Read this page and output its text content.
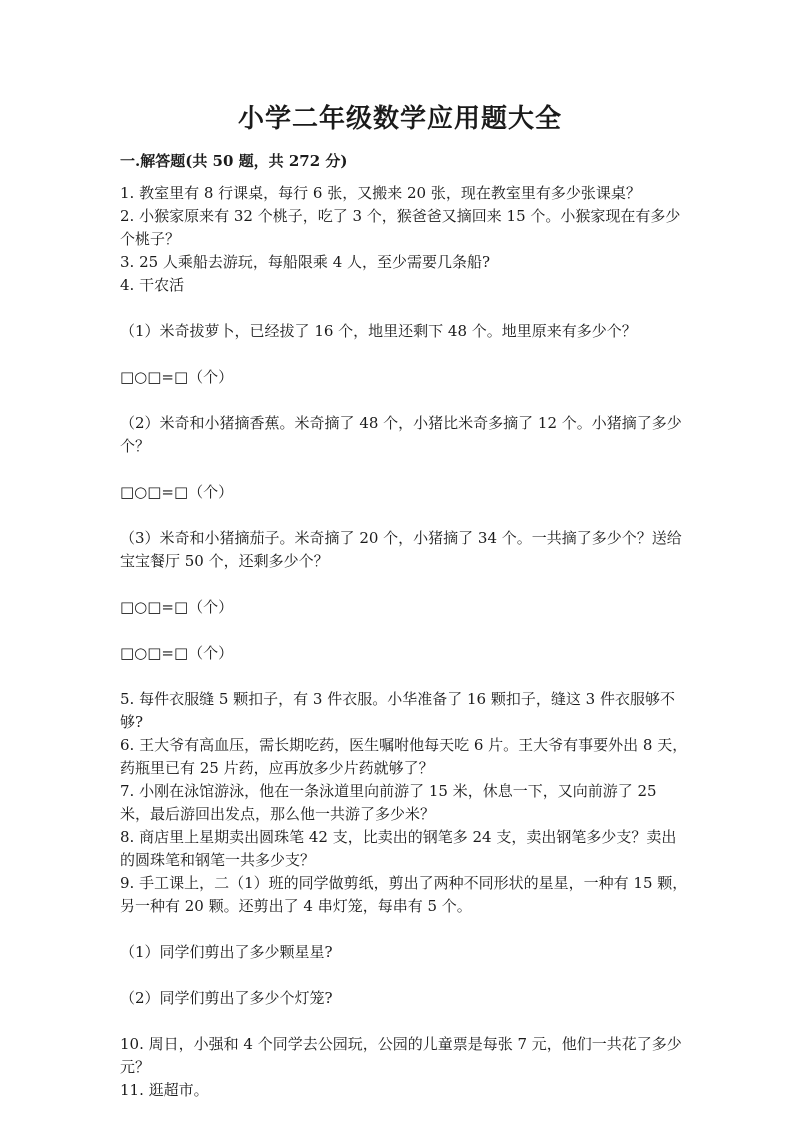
小学二年级数学应用题大全
一.解答题(共 50 题，共 272 分)

1. 教室里有 8 行课桌，每行 6 张，又搬来 20 张，现在教室里有多少张课桌？

2. 小猴家原来有 32 个桃子，吃了 3 个，猴爸爸又摘回来 15 个。小猴家现在有多少个桃子？

3. 25 人乘船去游玩，每船限乘 4 人，至少需要几条船?

4. 干农活

（1）米奇拔萝卜，已经拔了 16 个，地里还剩下 48 个。地里原来有多少个？

□○□=□（个）

（2）米奇和小猪摘香蕉。米奇摘了 48 个，小猪比米奇多摘了 12 个。小猪摘了多少个？

□○□=□（个）

（3）米奇和小猪摘茄子。米奇摘了 20 个，小猪摘了 34 个。一共摘了多少个？送给宝宝餐厅 50 个，还剩多少个？

□○□=□（个）

□○□=□（个）

5. 每件衣服缝 5 颗扣子，有 3 件衣服。小华准备了 16 颗扣子，缝这 3 件衣服够不够?

6. 王大爷有高血压，需长期吃药，医生嘱咐他每天吃 6 片。王大爷有事要外出 8 天，药瓶里已有 25 片药，应再放多少片药就够了？

7. 小刚在泳馆游泳，他在一条泳道里向前游了 15 米，休息一下，又向前游了 25 米，最后游回出发点，那么他一共游了多少米？

8. 商店里上星期卖出圆珠笔 42 支，比卖出的钢笔多 24 支，卖出钢笔多少支？卖出的圆珠笔和钢笔一共多少支？

9. 手工课上，二（1）班的同学做剪纸，剪出了两种不同形状的星星，一种有 15 颗，另一种有 20 颗。还剪出了 4 串灯笼，每串有 5 个。

（1）同学们剪出了多少颗星星?

（2）同学们剪出了多少个灯笼?

10. 周日，小强和 4 个同学去公园玩，公园的儿童票是每张 7 元，他们一共花了多少元？

11. 逛超市。
